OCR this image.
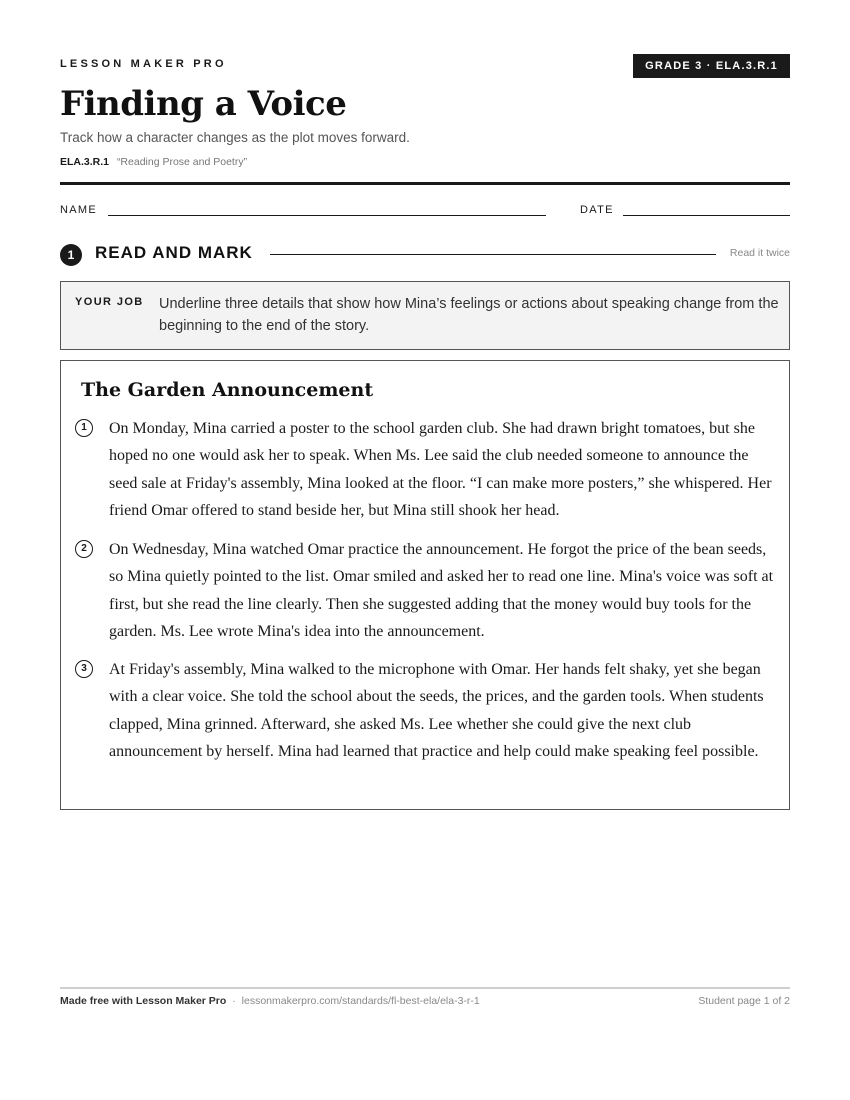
LESSON MAKER PRO	GRADE 3 · ELA.3.R.1
Finding a Voice
Track how a character changes as the plot moves forward.
ELA.3.R.1 “Reading Prose and Poetry”
NAME	DATE
1	READ AND MARK	Read it twice
YOUR JOB Underline three details that show how Mina’s feelings or actions about speaking change from the beginning to the end of the story.
The Garden Announcement
1	On Monday, Mina carried a poster to the school garden club. She had drawn bright tomatoes, but she hoped no one would ask her to speak. When Ms. Lee said the club needed someone to announce the seed sale at Friday's assembly, Mina looked at the floor. “I can make more posters,” she whispered. Her friend Omar offered to stand beside her, but Mina still shook her head.

2	On Wednesday, Mina watched Omar practice the announcement. He forgot the price of the bean seeds, so Mina quietly pointed to the list. Omar smiled and asked her to read one line. Mina's voice was soft at first, but she read the line clearly. Then she suggested adding that the money would buy tools for the garden. Ms. Lee wrote Mina's idea into the announcement.

3	At Friday's assembly, Mina walked to the microphone with Omar. Her hands felt shaky, yet she began with a clear voice. She told the school about the seeds, the prices, and the garden tools. When students clapped, Mina grinned. Afterward, she asked Ms. Lee whether she could give the next club announcement by herself. Mina had learned that practice and help could make speaking feel possible.

Made free with Lesson Maker Pro · lessonmakerpro.com/standards/fl-best-ela/ela-3-r-1	Student page 1 of 2
